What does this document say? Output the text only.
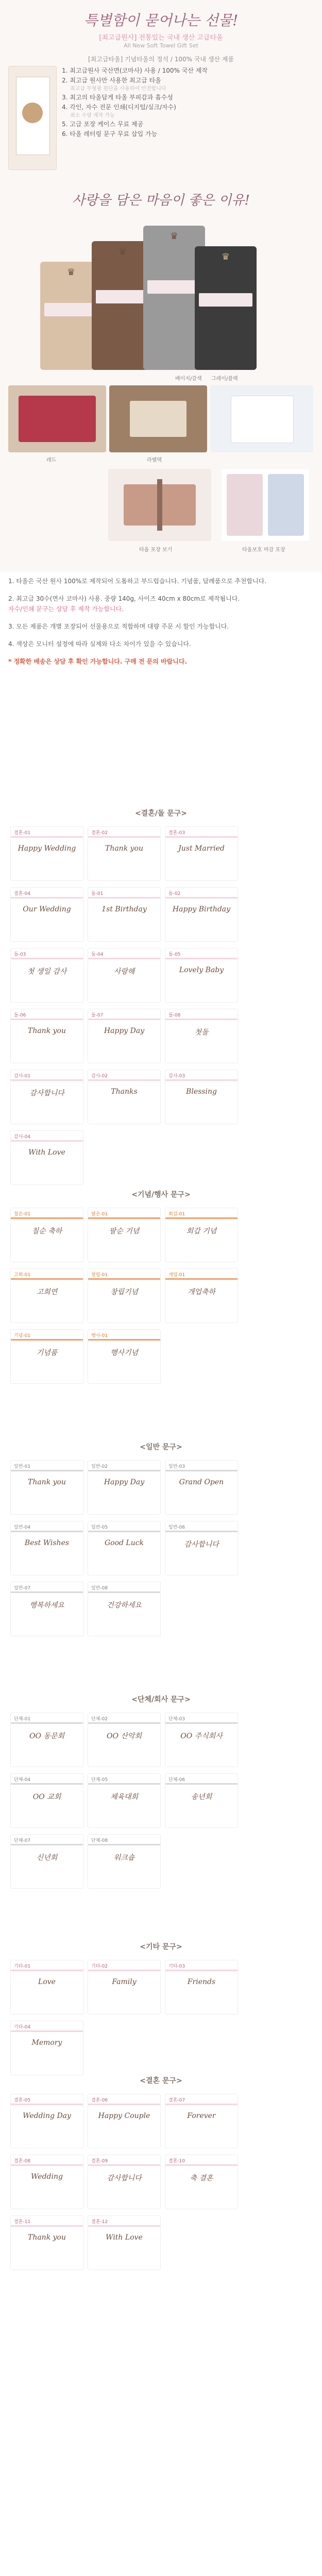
특별함이 묻어나는 선물!
[최고급원사] 전통있는 국내 생산 고급타올
All New Soft Towel Gift Set
[최고급타올] 기념타올의 정석 / 100% 국내 생산 제품
1. 최고급원사 국산면(코마사) 사용 / 100% 국산 제작
2. 최고급 원사만 사용한 최고급 타올
최고급 무형광 원단을 사용하여 안전합니다
3. 최고의 타올답게 타올 부피감과 흡수성
4. 각인, 자수 전문 인쇄(디지털/실크/자수)
최소 수량 제작 가능
5. 고급 포장 케이스 무료 제공
6. 타올 레터링 문구 무료 삽입 가능
사랑을 담은 마음이 좋은 이유!
♛
♛
♛
♛
베이지/갈색 그레이/블랙
레드	라벨택
타올 포장 보기	타올보호 마감 포장
1. 타올은 국산 원사 100%로 제작되어 도톰하고 부드럽습니다. 기념품, 답례품으로 추천합니다.
2. 최고급 30수(면사 코마사) 사용. 중량 140g, 사이즈 40cm x 80cm로 제작됩니다.
자수/인쇄 문구는 상담 후 제작 가능합니다.
3. 모든 제품은 개별 포장되어 선물용으로 적합하며 대량 주문 시 할인 가능합니다.
4. 색상은 모니터 설정에 따라 실제와 다소 차이가 있을 수 있습니다.
* 정확한 배송은 상담 후 확인 가능합니다. 구매 전 문의 바랍니다.
<결혼/돌 문구>
결혼-01
Happy Wedding
결혼-02
Thank you
결혼-03
Just Married
결혼-04
Our Wedding
돌-01
1st Birthday
돌-02
Happy Birthday
돌-03
첫 생일 감사
돌-04
사랑해
돌-05
Lovely Baby
돌-06
Thank you
돌-07
Happy Day
돌-08
첫돌
감사-01
감사합니다
감사-02
Thanks
감사-03
Blessing
감사-04
With Love
<기념/행사 문구>
칠순-01
칠순 축하
팔순-01
팔순 기념
회갑-01
회갑 기념
고희-01
고희연
창립-01
창립기념
개업-01
개업축하
기념-01
기념품
행사-01
행사기념
<일반 문구>
일반-01
Thank you
일반-02
Happy Day
일반-03
Grand Open
일반-04
Best Wishes
일반-05
Good Luck
일반-06
감사합니다
일반-07
행복하세요
일반-08
건강하세요
<단체/회사 문구>
단체-01
OO 동문회
단체-02
OO 산악회
단체-03
OO 주식회사
단체-04
OO 교회
단체-05
체육대회
단체-06
송년회
단체-07
신년회
단체-08
워크숍
<기타 문구>
기타-01
Love
기타-02
Family
기타-03
Friends
기타-04
Memory
<결혼 문구>
결혼-05
Wedding Day
결혼-06
Happy Couple
결혼-07
Forever
결혼-08
Wedding
결혼-09
감사합니다
결혼-10
축 결혼
결혼-11
Thank you
결혼-12
With Love
